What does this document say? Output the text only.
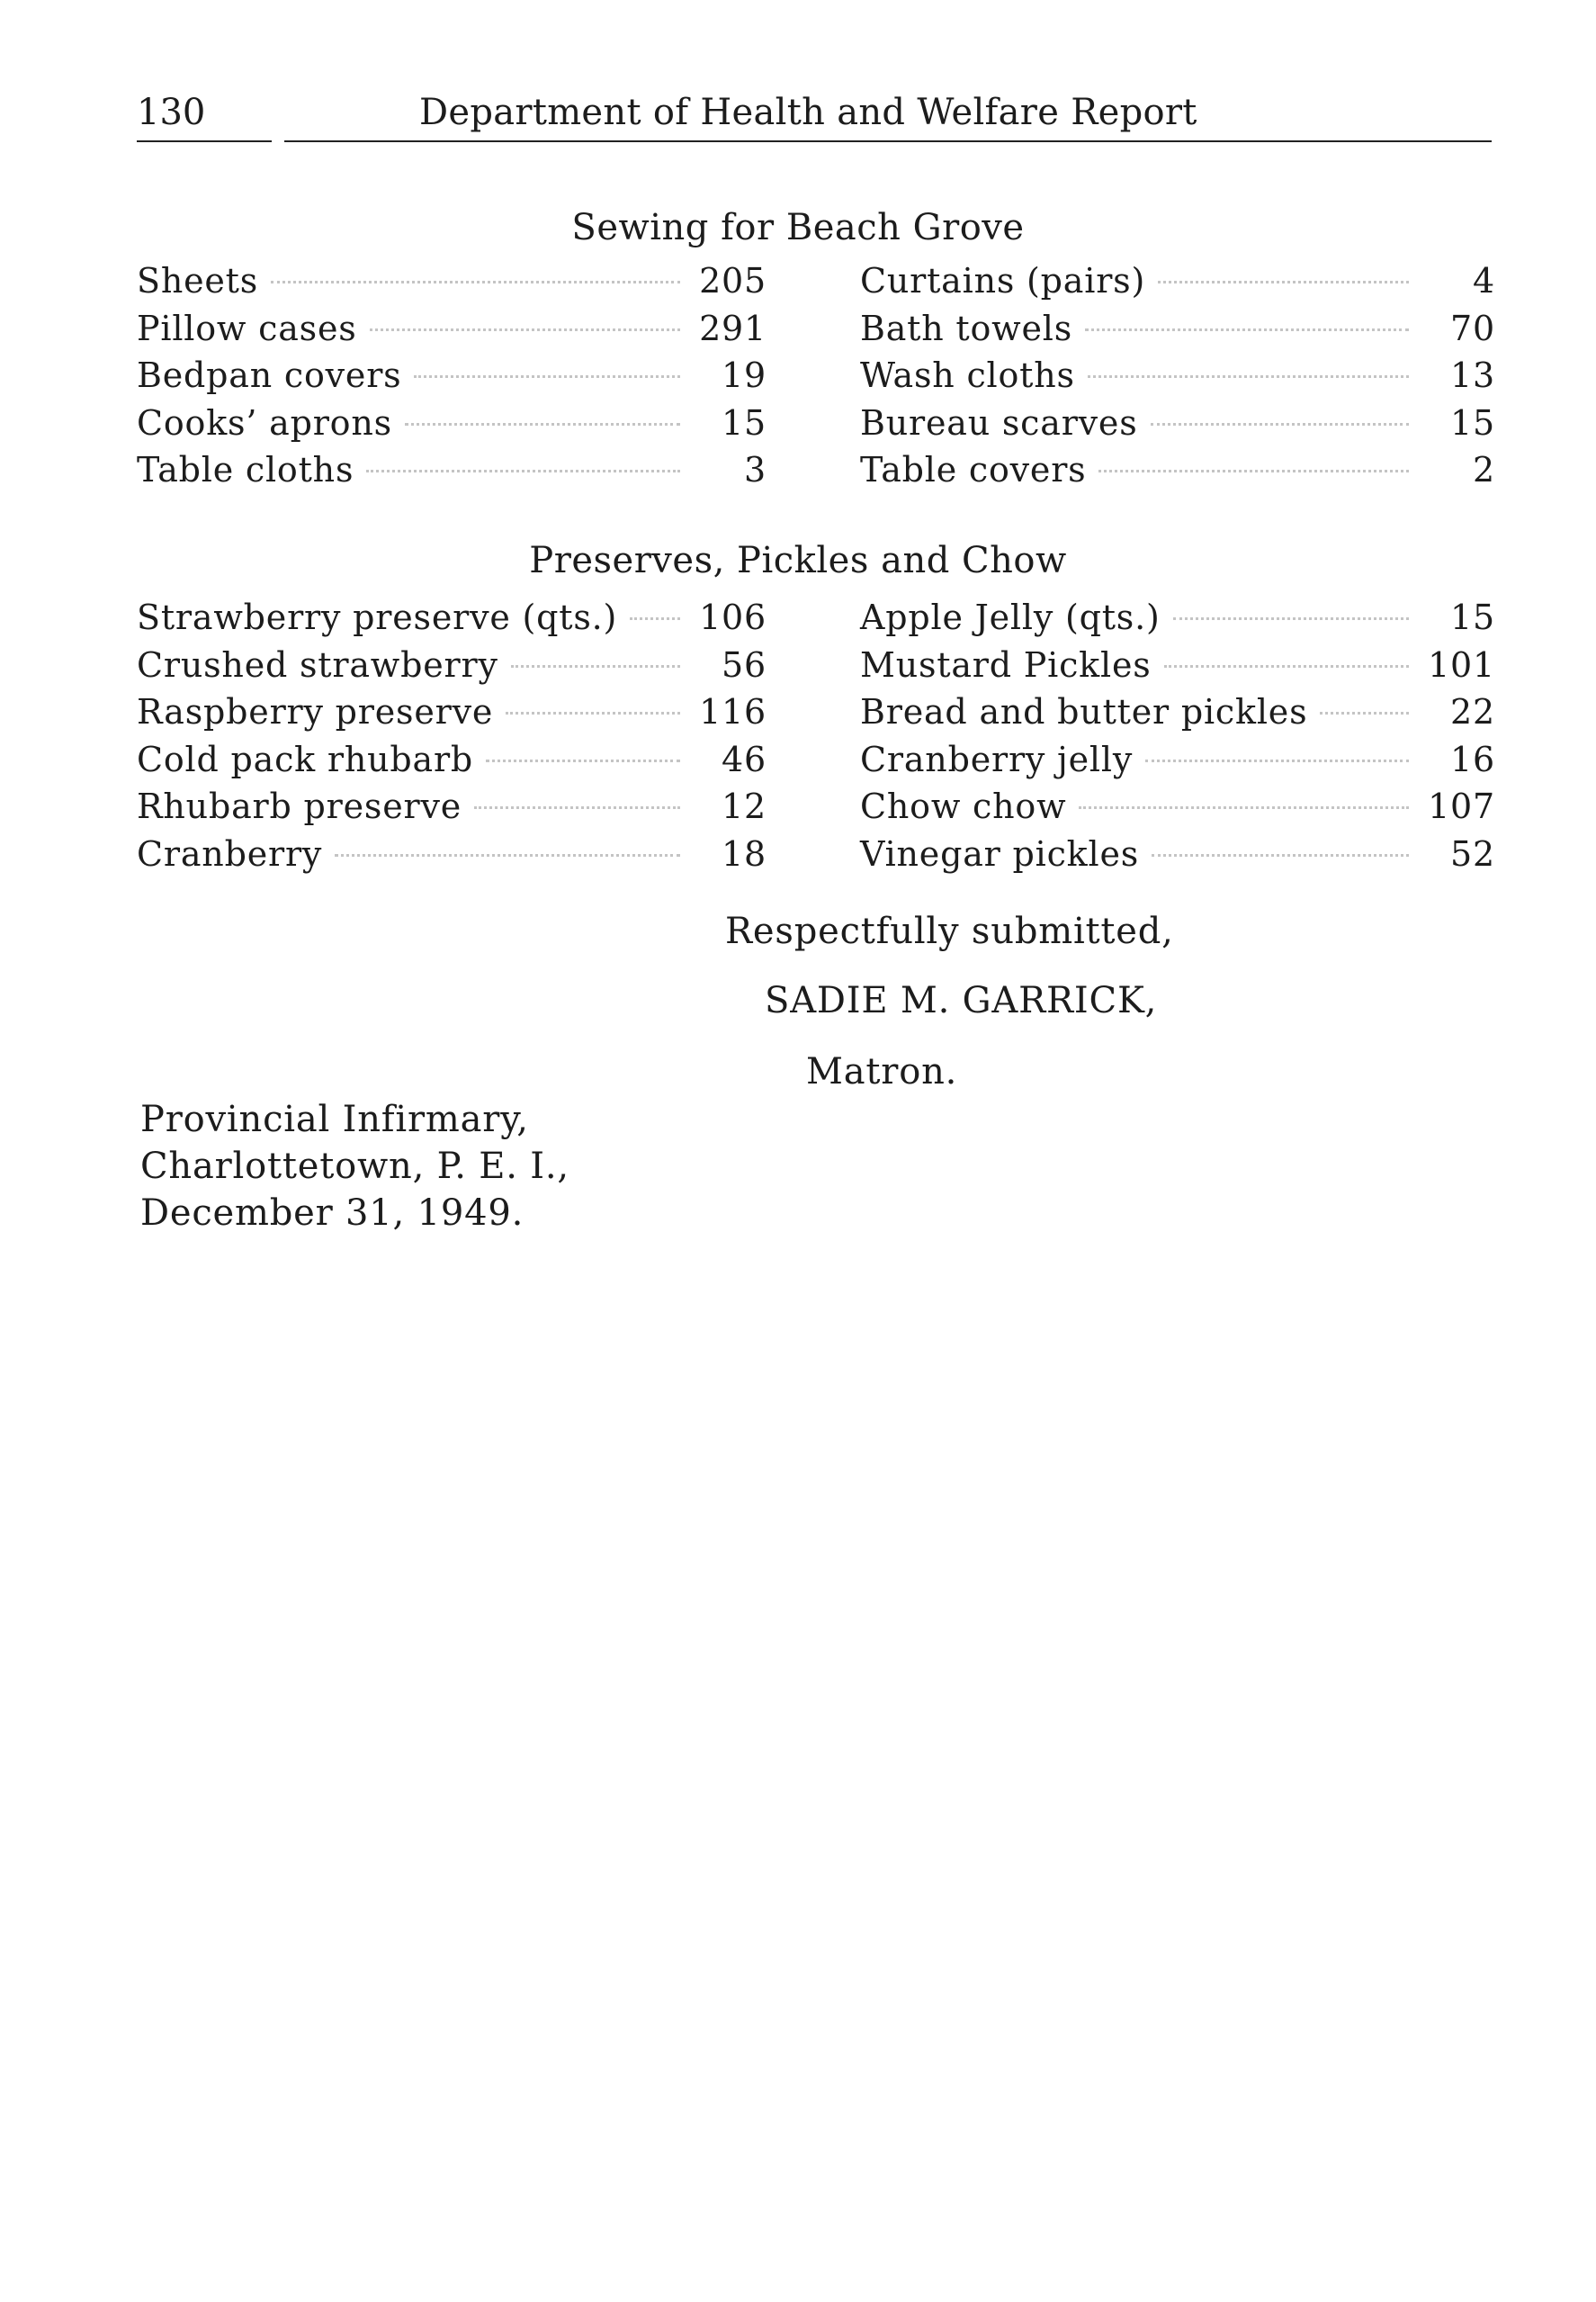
130	Department of Health and Welfare Report
Sewing for Beach Grove
Sheets	205	Curtains (pairs)	4
Pillow cases	291	Bath towels	70
Bedpan covers	19	Wash cloths	13
Cooks’ aprons	15	Bureau scarves	15
Table cloths	3	Table covers	2
Preserves, Pickles and Chow
Strawberry preserve (qts.) 106	Apple Jelly (qts.)	15
Crushed strawberry	56	Mustard Pickles	101
Raspberry preserve	116	Bread and butter pickles	22
Cold pack rhubarb	46	Cranberry jelly	16
Rhubarb preserve	12	Chow chow	107
Cranberry	18	Vinegar pickles	52
Respectfully submitted,
SADIE M. GARRICK,
Matron.
Provincial Infirmary,
Charlottetown, P. E. I.,
December 31, 1949.
